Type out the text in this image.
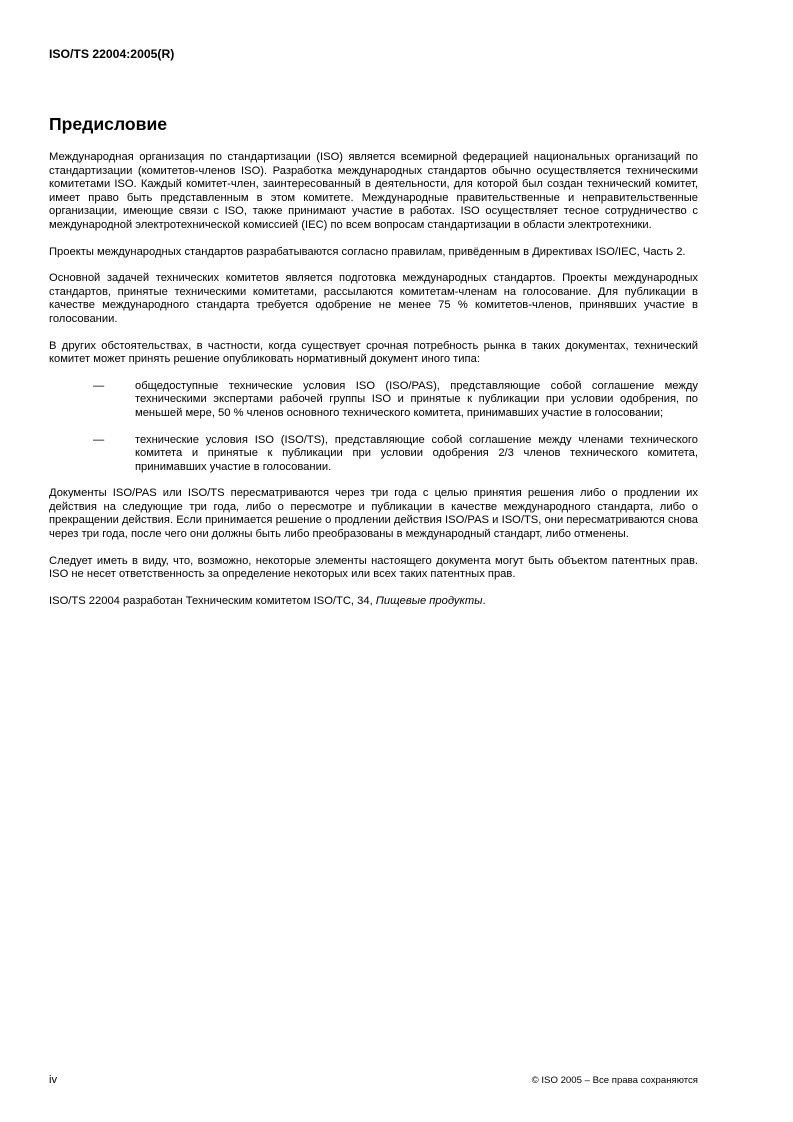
ISO/TS 22004:2005(R)
Предисловие

Международная организация по стандартизации (ISO) является всемирной федерацией национальных организаций по стандартизации (комитетов-членов ISO). Разработка международных стандартов обычно осуществляется техническими комитетами ISO. Каждый комитет-член, заинтересованный в деятельности, для которой был создан технический комитет, имеет право быть представленным в этом комитете. Международные правительственные и неправительственные организации, имеющие связи с ISO, также принимают участие в работах. ISO осуществляет тесное сотрудничество с международной электротехнической комиссией (IEC) по всем вопросам стандартизации в области электротехники.

Проекты международных стандартов разрабатываются согласно правилам, привёденным в Директивах ISO/IEC, Часть 2.

Основной задачей технических комитетов является подготовка международных стандартов. Проекты международных стандартов, принятые техническими комитетами, рассылаются комитетам-членам на голосование. Для публикации в качестве международного стандарта требуется одобрение не менее 75 % комитетов-членов, принявших участие в голосовании.

В других обстоятельствах, в частности, когда существует срочная потребность рынка в таких документах, технический комитет может принять решение опубликовать нормативный документ иного типа:

—	общедоступные технические условия ISO (ISO/PAS), представляющие собой соглашение между техническими экспертами рабочей группы ISO и принятые к публикации при условии одобрения, по меньшей мере, 50 % членов основного технического комитета, принимавших участие в голосовании;
—	технические условия ISO (ISO/TS), представляющие собой соглашение между членами технического комитета и принятые к публикации при условии одобрения 2/3 членов технического комитета, принимавших участие в голосовании.

Документы ISO/PAS или ISO/TS пересматриваются через три года с целью принятия решения либо о продлении их действия на следующие три года, либо о пересмотре и публикации в качестве международного стандарта, либо о прекращении действия. Если принимается решение о продлении действия ISO/PAS и ISO/TS, они пересматриваются снова через три года, после чего они должны быть либо преобразованы в международный стандарт, либо отменены.

Следует иметь в виду, что, возможно, некоторые элементы настоящего документа могут быть объектом патентных прав. ISO не несет ответственность за определение некоторых или всех таких патентных прав.

ISO/TS 22004 разработан Техническим комитетом ISO/TC, 34, Пищевые продукты.

iv	© ISO 2005 – Все права сохраняются
